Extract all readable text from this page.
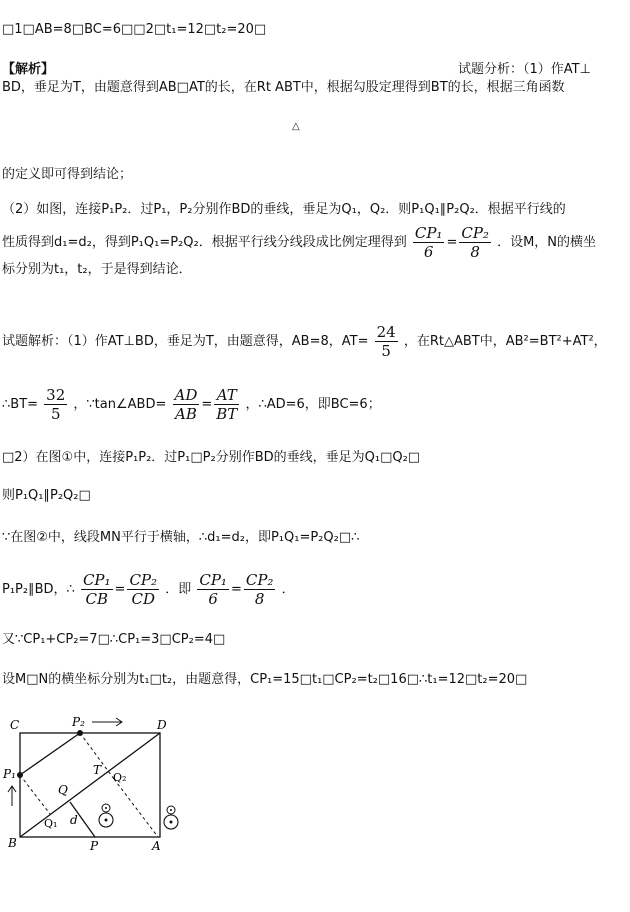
□1□AB=8□BC=6□□2□t₁=12□t₂=20□
【解析】	试题分析：（1）作AT⊥
BD，垂足为T，由题意得到AB□AT的长，在Rt ABT中，根据勾股定理得到BT的长，根据三角函数
△
的定义即可得到结论；
（2）如图，连接P₁P₂．过P₁，P₂分别作BD的垂线，垂足为Q₁，Q₂．则P₁Q₁∥P₂Q₂．根据平行线的
性质得到d₁=d₂，得到P₁Q₁=P₂Q₂．根据平行线分线段成比例定理得到 $\frac{\text{CP₁}}{6} = \frac{\text{CP₂}}{8}$ ．设M，N的横坐
标分别为t₁，t₂，于是得到结论．
试题解析：（1）作AT⊥BD，垂足为T，由题意得，AB=8，$AT= \frac{24}{5}$ ，在Rt△ABT中，AB²=BT²+AT²，
∴BT= $\frac{32}{5}$ ，∵tan∠ABD= $\frac{AD}{AB} = \frac{AT}{BT}$ ，∴AD=6，即BC=6；
□2）在图①中，连接P₁P₂．过P₁□P₂分别作BD的垂线，垂足为Q₁□Q₂□
则P₁Q₁∥P₂Q₂□
∵在图②中，线段MN平行于横轴，∴d₁=d₂，即P₁Q₁=P₂Q₂□∴
P₁P₂∥BD，∴ $\frac{\text{CP₁}}{CB} = \frac{\text{CP₂}}{CD}$ ．即 $\frac{\text{CP₁}}{6} = \frac{\text{CP₂}}{8}$ ．
又∵CP₁+CP₂=7□∴CP₁=3□CP₂=4□
设M□N的横坐标分别为t₁□t₂，由题意得，CP₁=15□t₁□CP₂=t₂□16□∴t₁=12□t₂=20□
C	P₂	D
P₁
Q
T
Q₂
Q₁ d
B	P	A
